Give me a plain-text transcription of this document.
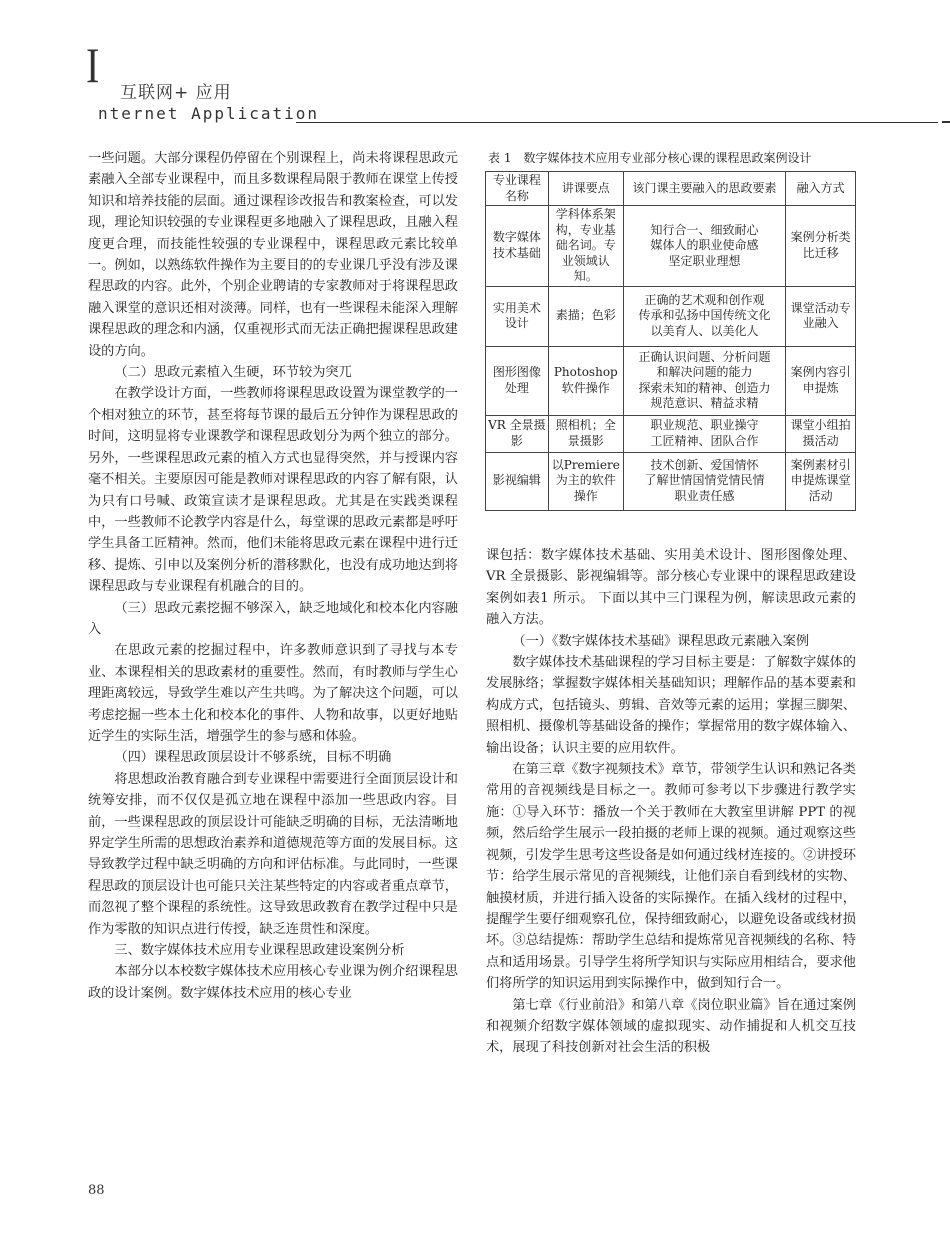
I 互联网+ 应用
nternet Application

一些问题。大部分课程仍停留在个别课程上，尚未将课程思政元素融入全部专业课程中，而且多数课程局限于教师在课堂上传授知识和培养技能的层面。通过课程诊改报告和教案检查，可以发现，理论知识较强的专业课程更多地融入了课程思政，且融入程度更合理，而技能性较强的专业课程中，课程思政元素比较单一。例如，以熟练软件操作为主要目的的专业课几乎没有涉及课程思政的内容。此外，个别企业聘请的专家教师对于将课程思政融入课堂的意识还相对淡薄。同样，也有一些课程未能深入理解课程思政的理念和内涵，仅重视形式而无法正确把握课程思政建设的方向。

（二）思政元素植入生硬，环节较为突兀

在教学设计方面，一些教师将课程思政设置为课堂教学的一个相对独立的环节，甚至将每节课的最后五分钟作为课程思政的时间，这明显将专业课教学和课程思政划分为两个独立的部分。另外，一些课程思政元素的植入方式也显得突然，并与授课内容毫不相关。主要原因可能是教师对课程思政的内容了解有限，认为只有口号喊、政策宣读才是课程思政。尤其是在实践类课程中，一些教师不论教学内容是什么，每堂课的思政元素都是呼吁学生具备工匠精神。然而，他们未能将思政元素在课程中进行迁移、提炼、引申以及案例分析的潜移默化，也没有成功地达到将课程思政与专业课程有机融合的目的。

（三）思政元素挖掘不够深入，缺乏地域化和校本化内容融入

在思政元素的挖掘过程中，许多教师意识到了寻找与本专业、本课程相关的思政素材的重要性。然而，有时教师与学生心理距离较远，导致学生难以产生共鸣。为了解决这个问题，可以考虑挖掘一些本土化和校本化的事件、人物和故事，以更好地贴近学生的实际生活，增强学生的参与感和体验。

（四）课程思政顶层设计不够系统，目标不明确

将思想政治教育融合到专业课程中需要进行全面顶层设计和统筹安排，而不仅仅是孤立地在课程中添加一些思政内容。目前，一些课程思政的顶层设计可能缺乏明确的目标，无法清晰地界定学生所需的思想政治素养和道德规范等方面的发展目标。这导致教学过程中缺乏明确的方向和评估标准。与此同时，一些课程思政的顶层设计也可能只关注某些特定的内容或者重点章节，而忽视了整个课程的系统性。这导致思政教育在教学过程中只是作为零散的知识点进行传授，缺乏连贯性和深度。

三、数字媒体技术应用专业课程思政建设案例分析

本部分以本校数字媒体技术应用核心专业课为例介绍课程思政的设计案例。数字媒体技术应用的核心专业

表 1　数字媒体技术应用专业部分核心课的课程思政案例设计
专业课程名称	讲课要点	该门课主要融入的思政要素	融入方式
数字媒体技术基础	学科体系架构，专业基础名词。专业领域认知。	知行合一、细致耐心
媒体人的职业使命感
坚定职业理想	案例分析类比迁移
实用美术设计	素描；色彩	正确的艺术观和创作观
传承和弘扬中国传统文化
以美育人、以美化人	课堂活动专业融入
图形图像处理	Photoshop软件操作	正确认识问题、分析问题
和解决问题的能力
探索未知的精神、创造力
规范意识、精益求精	案例内容引申提炼
VR 全景摄影	照相机；全景摄影	职业规范、职业操守
工匠精神、团队合作	课堂小组拍摄活动
影视编辑	以Premiere为主的软件操作	技术创新、爱国情怀
了解世情国情党情民情
职业责任感	案例素材引申提炼课堂活动

课包括：数字媒体技术基础、实用美术设计、图形图像处理、VR 全景摄影、影视编辑等。部分核心专业课中的课程思政建设案例如表1 所示。 下面以其中三门课程为例，解读思政元素的融入方法。

（一）《数字媒体技术基础》课程思政元素融入案例

数字媒体技术基础课程的学习目标主要是：了解数字媒体的发展脉络；掌握数字媒体相关基础知识；理解作品的基本要素和构成方式，包括镜头、剪辑、音效等元素的运用；掌握三脚架、照相机、摄像机等基础设备的操作；掌握常用的数字媒体输入、输出设备；认识主要的应用软件。

在第三章《数字视频技术》章节，带领学生认识和熟记各类常用的音视频线是目标之一。教师可参考以下步骤进行教学实施：①导入环节：播放一个关于教师在大教室里讲解 PPT 的视频，然后给学生展示一段拍摄的老师上课的视频。通过观察这些视频，引发学生思考这些设备是如何通过线材连接的。②讲授环节：给学生展示常见的音视频线，让他们亲自看到线材的实物、触摸材质，并进行插入设备的实际操作。在插入线材的过程中，提醒学生要仔细观察孔位，保持细致耐心，以避免设备或线材损坏。③总结提炼：帮助学生总结和提炼常见音视频线的名称、特点和适用场景。引导学生将所学知识与实际应用相结合，要求他们将所学的知识运用到实际操作中，做到知行合一。

第七章《行业前沿》和第八章《岗位职业篇》旨在通过案例和视频介绍数字媒体领域的虚拟现实、动作捕捉和人机交互技术，展现了科技创新对社会生活的积极

88
